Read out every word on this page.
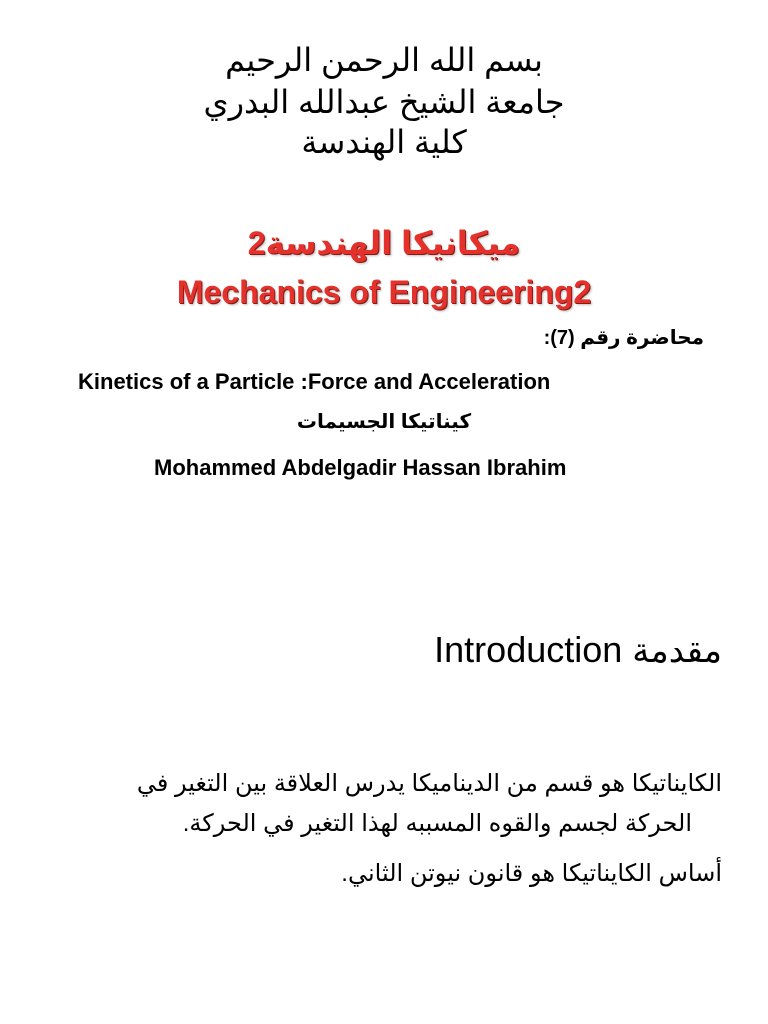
بسم الله الرحمن الرحيم
جامعة الشيخ عبدالله البدري
كلية الهندسة
ميكانيكا الهندسة2
Mechanics of Engineering2
محاضرة رقم (7):
Kinetics of a Particle :Force and Acceleration
كيناتيكا الجسيمات
Mohammed Abdelgadir Hassan Ibrahim
Introduction مقدمة
الكايناتيكا هو قسم من الديناميكا يدرس العلاقة بين التغير في
الحركة لجسم والقوه المسببه لهذا التغير في الحركة.
أساس الكايناتيكا هو قانون نيوتن الثاني.
